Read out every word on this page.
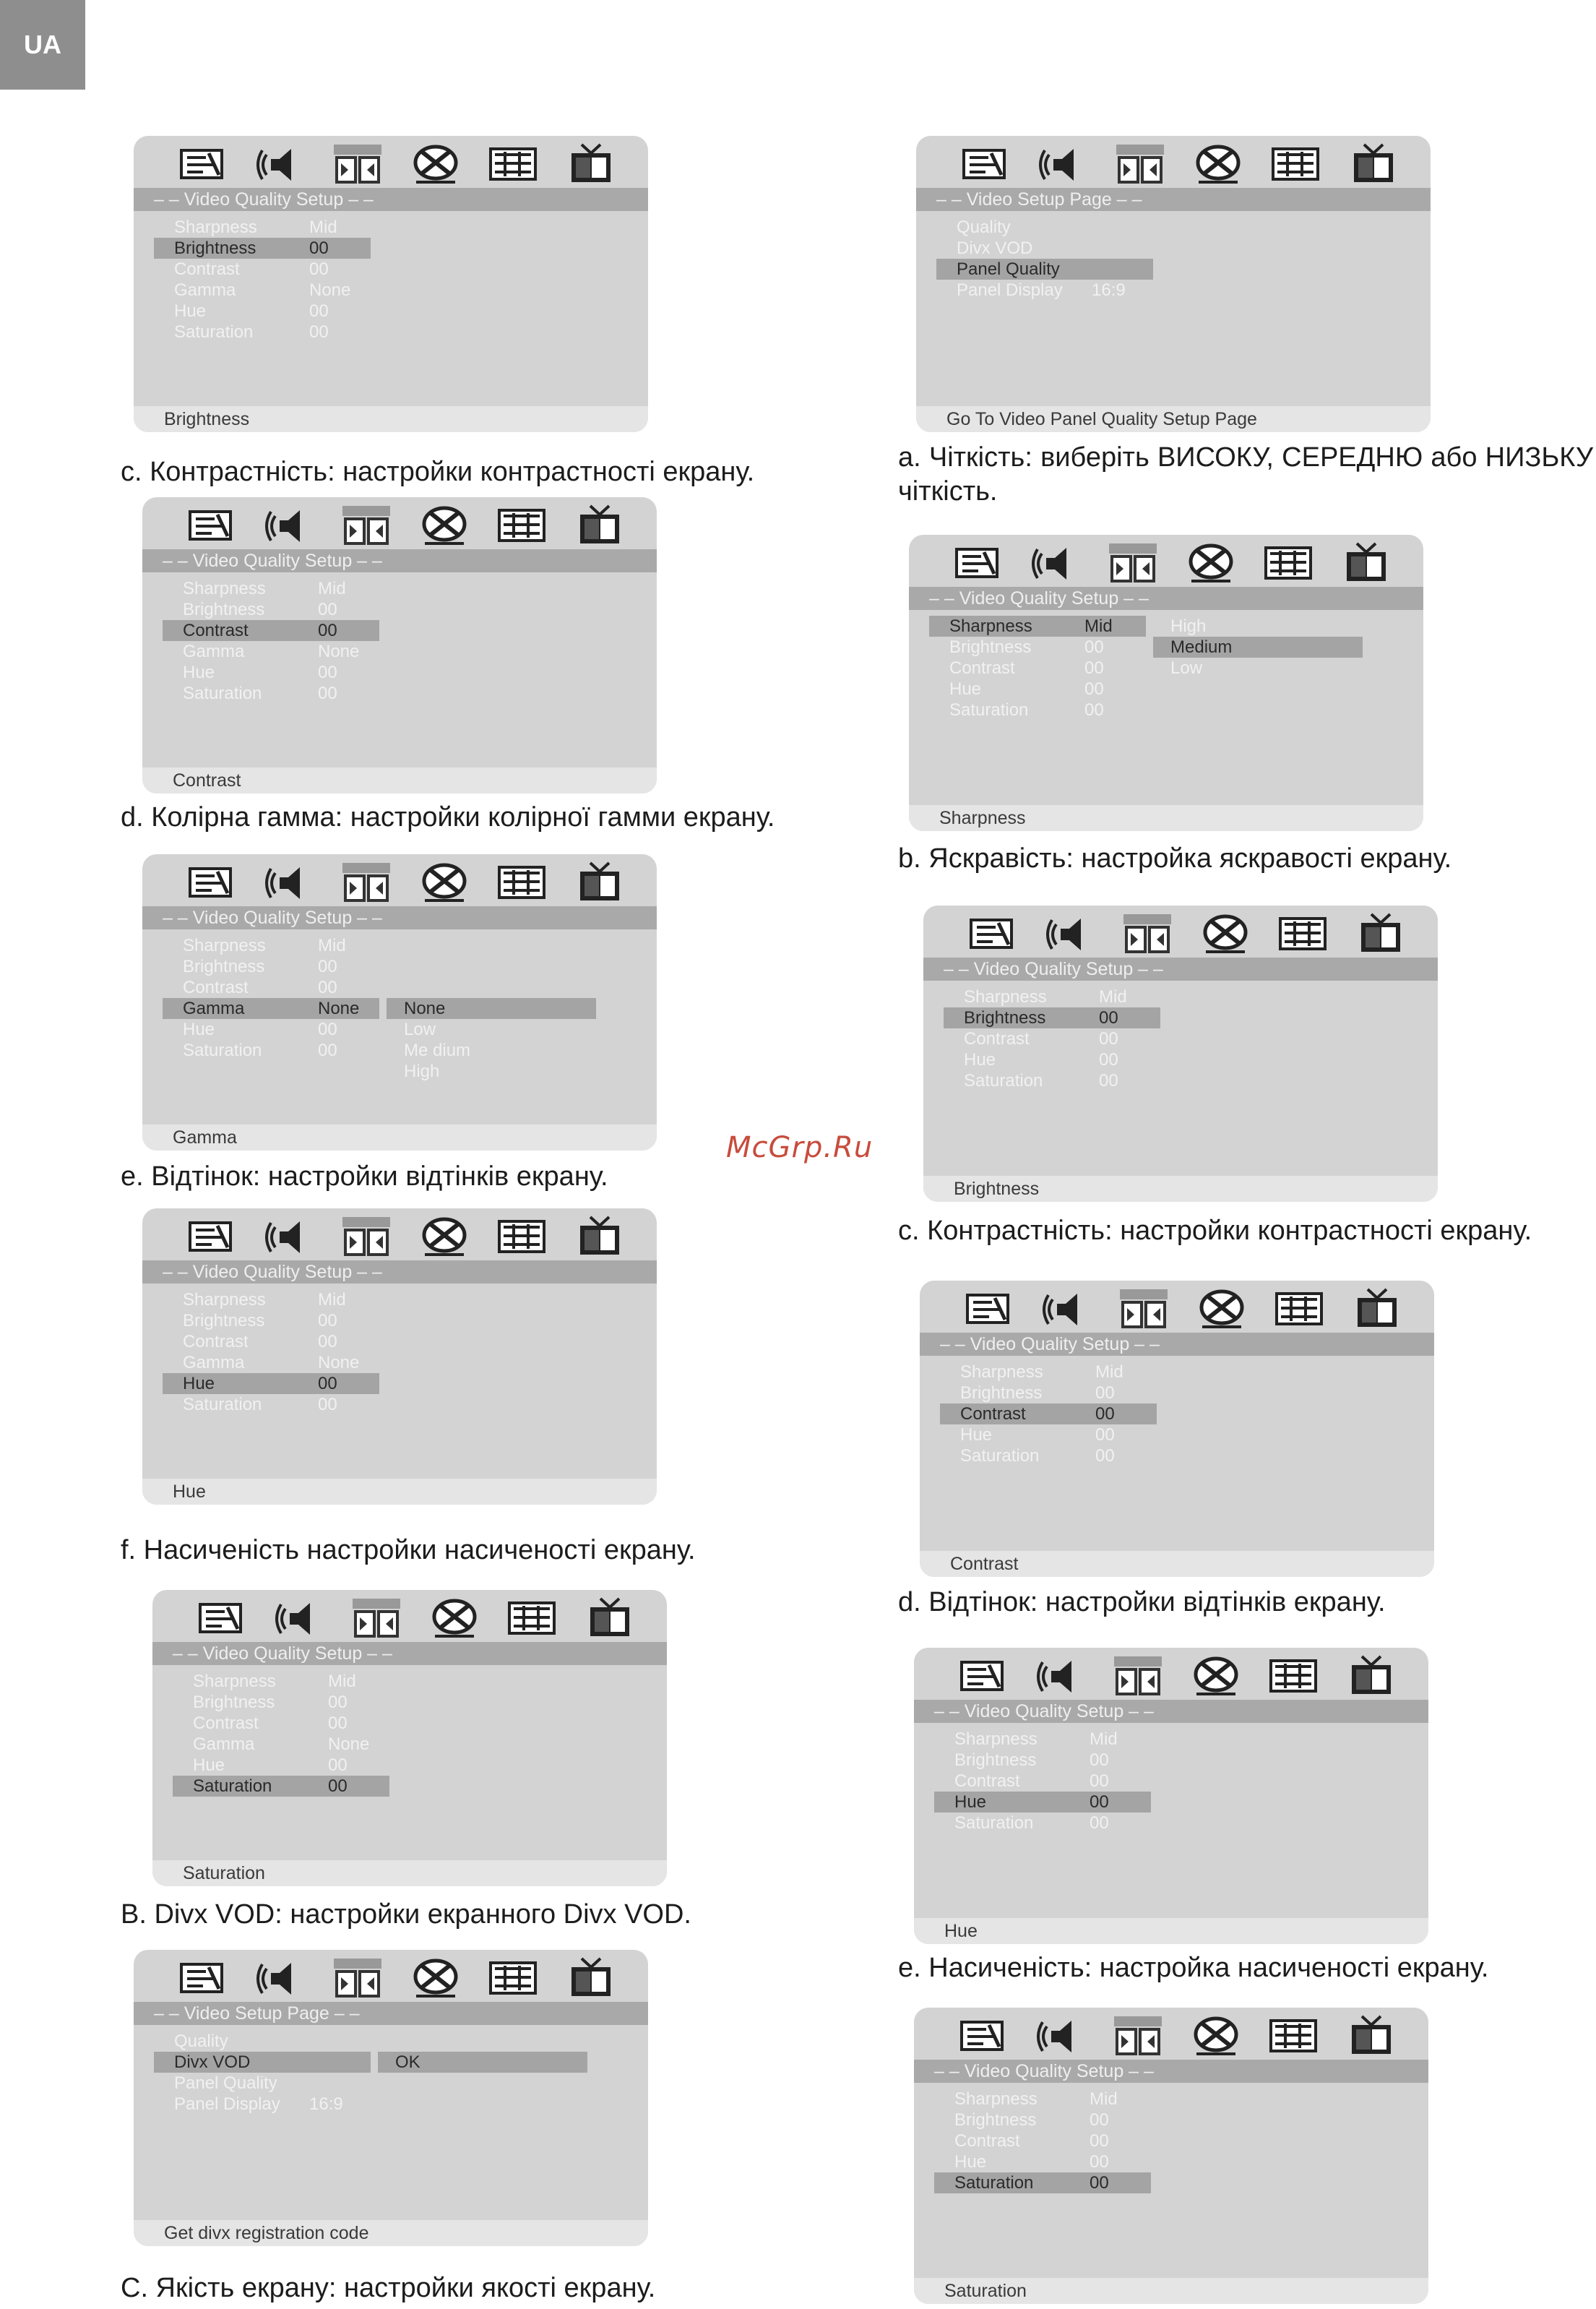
UA
– – Video Quality Setup – –
Sharpness	Mid
Brightness	00
Contrast	00
Gamma	None
Hue	00
Saturation	00
Brightness
c. Контрастність: настройки контрастності екрану.
– – Video Quality Setup – –
Sharpness	Mid
Brightness	00
Contrast	00
Gamma	None
Hue	00
Saturation	00
Contrast
d. Колірна гамма: настройки колірної гамми екрану.
– – Video Quality Setup – –
Sharpness	Mid
Brightness	00
Contrast	00
Gamma	None
Hue	00
Saturation	00
None
Low
Me dium
High
Gamma
e. Відтінок: настройки відтінків екрану.
– – Video Quality Setup – –
Sharpness	Mid
Brightness	00
Contrast	00
Gamma	None
Hue	00
Saturation	00
Hue
f. Насиченість настройки насиченості екрану.
– – Video Quality Setup – –
Sharpness	Mid
Brightness	00
Contrast	00
Gamma	None
Hue	00
Saturation	00
Saturation
B. Divx VOD: настройки екранного Divx VOD.
– – Video Setup Page – –
Quality
Divx VOD
Panel Quality
Panel Display 16:9
OK
Get divx registration code
C. Якість екрану: настройки якості екрану.
– – Video Setup Page – –
Quality
Divx VOD
Panel Quality
Panel Display 16:9
Go To Video Panel Quality Setup Page
a. Чіткість: виберіть ВИСОКУ, СЕРЕДНЮ або НИЗЬКУ чіткість.
– – Video Quality Setup – –
Sharpness	Mid
Brightness	00
Contrast	00
Hue	00
Saturation	00
High
Medium
Low
Sharpness
b. Яскравість: настройка яскравості екрану.
– – Video Quality Setup – –
Sharpness	Mid
Brightness	00
Contrast	00
Hue	00
Saturation	00
Brightness
c. Контрастність: настройки контрастності екрану.
– – Video Quality Setup – –
Sharpness	Mid
Brightness	00
Contrast	00
Hue	00
Saturation	00
Contrast
d. Відтінок: настройки відтінків екрану.
– – Video Quality Setup – –
Sharpness	Mid
Brightness	00
Contrast	00
Hue	00
Saturation	00
Hue
e. Насиченість: настройка насиченості екрану.
– – Video Quality Setup – –
Sharpness	Mid
Brightness	00
Contrast	00
Hue	00
Saturation	00
Saturation
McGrp.Ru
